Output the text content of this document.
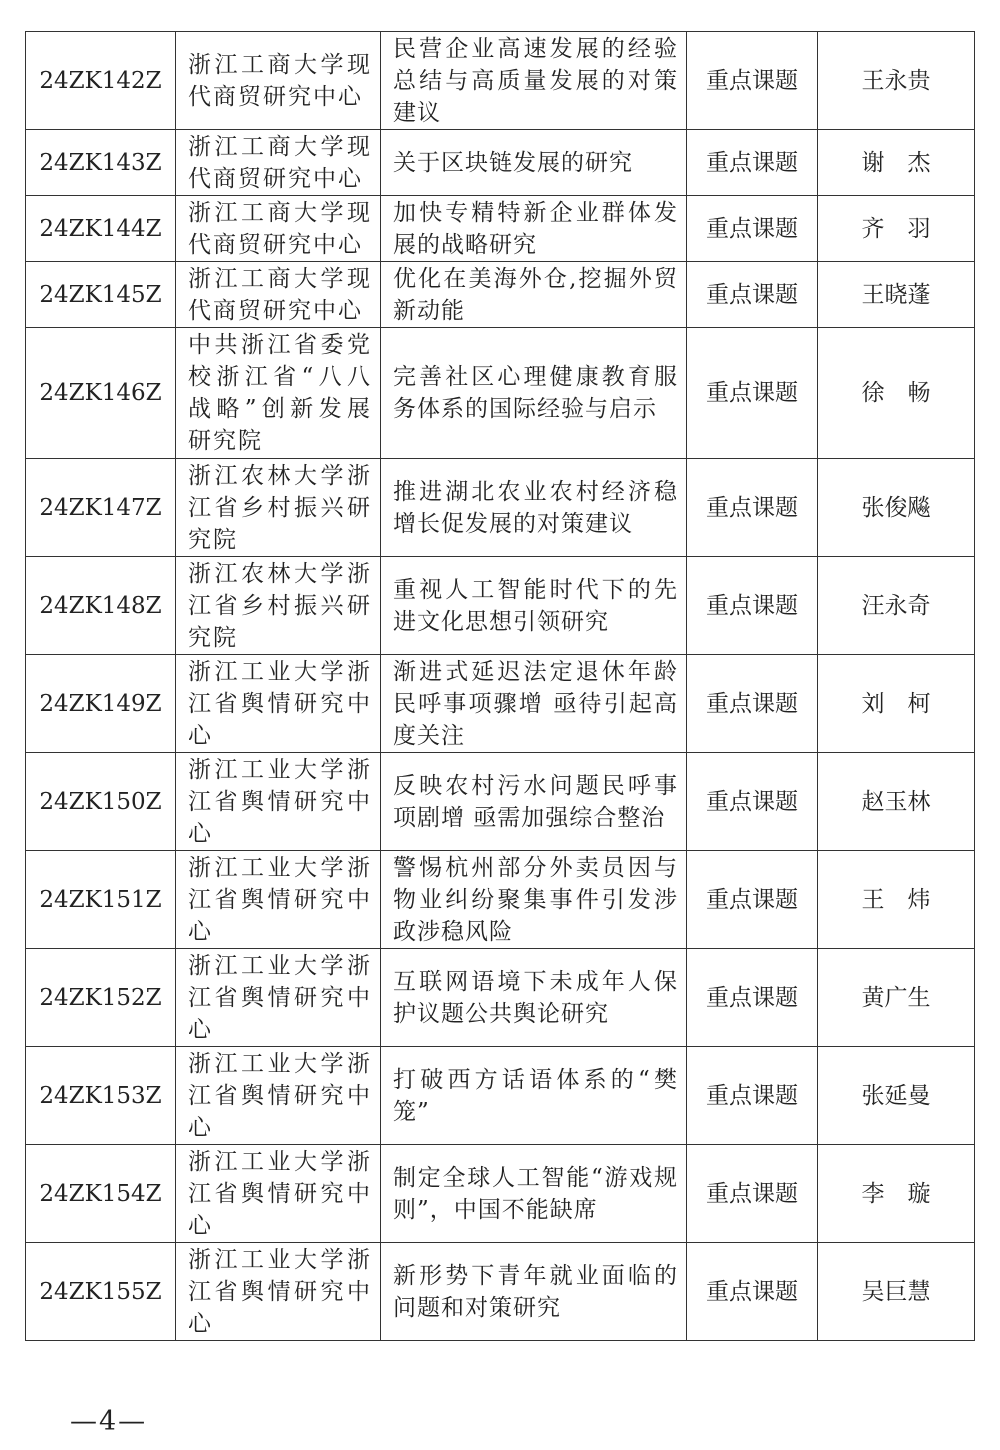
24ZK142Z	浙江工商大学现代商贸研究中心	民营企业高速发展的经验总结与高质量发展的对策建议	重点课题	王永贵
24ZK143Z	浙江工商大学现代商贸研究中心	关于区块链发展的研究	重点课题	谢　杰
24ZK144Z	浙江工商大学现代商贸研究中心	加快专精特新企业群体发展的战略研究	重点课题	齐　羽
24ZK145Z	浙江工商大学现代商贸研究中心	优化在美海外仓,挖掘外贸新动能	重点课题	王晓蓬
24ZK146Z	中共浙江省委党校浙江省“八八战略”创新发展研究院	完善社区心理健康教育服务体系的国际经验与启示	重点课题	徐　畅
24ZK147Z	浙江农林大学浙江省乡村振兴研究院	推进湖北农业农村经济稳增长促发展的对策建议	重点课题	张俊飚
24ZK148Z	浙江农林大学浙江省乡村振兴研究院	重视人工智能时代下的先进文化思想引领研究	重点课题	汪永奇
24ZK149Z	浙江工业大学浙江省舆情研究中心	渐进式延迟法定退休年龄民呼事项骤增 亟待引起高度关注	重点课题	刘　柯
24ZK150Z	浙江工业大学浙江省舆情研究中心	反映农村污水问题民呼事项剧增 亟需加强综合整治	重点课题	赵玉林
24ZK151Z	浙江工业大学浙江省舆情研究中心	警惕杭州部分外卖员因与物业纠纷聚集事件引发涉政涉稳风险	重点课题	王　炜
24ZK152Z	浙江工业大学浙江省舆情研究中心	互联网语境下未成年人保护议题公共舆论研究	重点课题	黄广生
24ZK153Z	浙江工业大学浙江省舆情研究中心	打破西方话语体系的“樊笼”	重点课题	张延曼
24ZK154Z	浙江工业大学浙江省舆情研究中心	制定全球人工智能“游戏规则”，中国不能缺席	重点课题	李　璇
24ZK155Z	浙江工业大学浙江省舆情研究中心	新形势下青年就业面临的问题和对策研究	重点课题	吴巨慧
—4—
